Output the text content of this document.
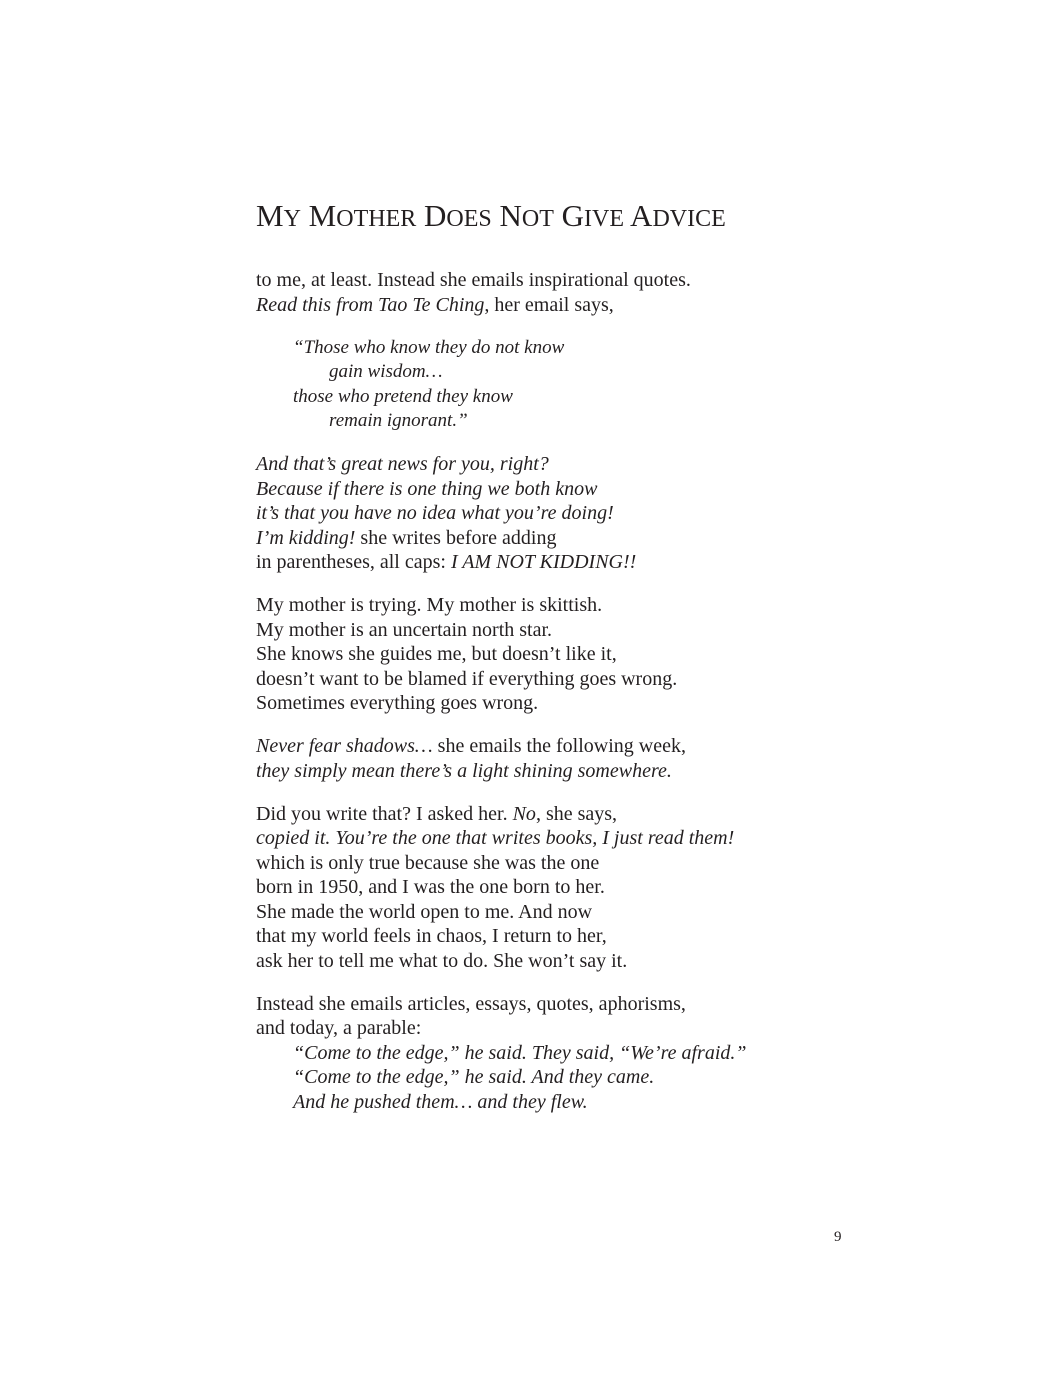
MY MOTHER DOES NOT GIVE ADVICE
to me, at least. Instead she emails inspirational quotes.
Read this from Tao Te Ching, her email says,
“Those who know they do not know
gain wisdom…
those who pretend they know
remain ignorant.”
And that’s great news for you, right?
Because if there is one thing we both know
it’s that you have no idea what you’re doing!
I’m kidding! she writes before adding
in parentheses, all caps: I AM NOT KIDDING!!
My mother is trying. My mother is skittish.
My mother is an uncertain north star.
She knows she guides me, but doesn’t like it,
doesn’t want to be blamed if everything goes wrong.
Sometimes everything goes wrong.
Never fear shadows… she emails the following week,
they simply mean there’s a light shining somewhere.
Did you write that? I asked her. No, she says,
copied it. You’re the one that writes books, I just read them!
which is only true because she was the one
born in 1950, and I was the one born to her.
She made the world open to me. And now
that my world feels in chaos, I return to her,
ask her to tell me what to do. She won’t say it.
Instead she emails articles, essays, quotes, aphorisms,
and today, a parable:
“Come to the edge,” he said. They said, “We’re afraid.”
“Come to the edge,” he said. And they came.
And he pushed them… and they flew.
9
